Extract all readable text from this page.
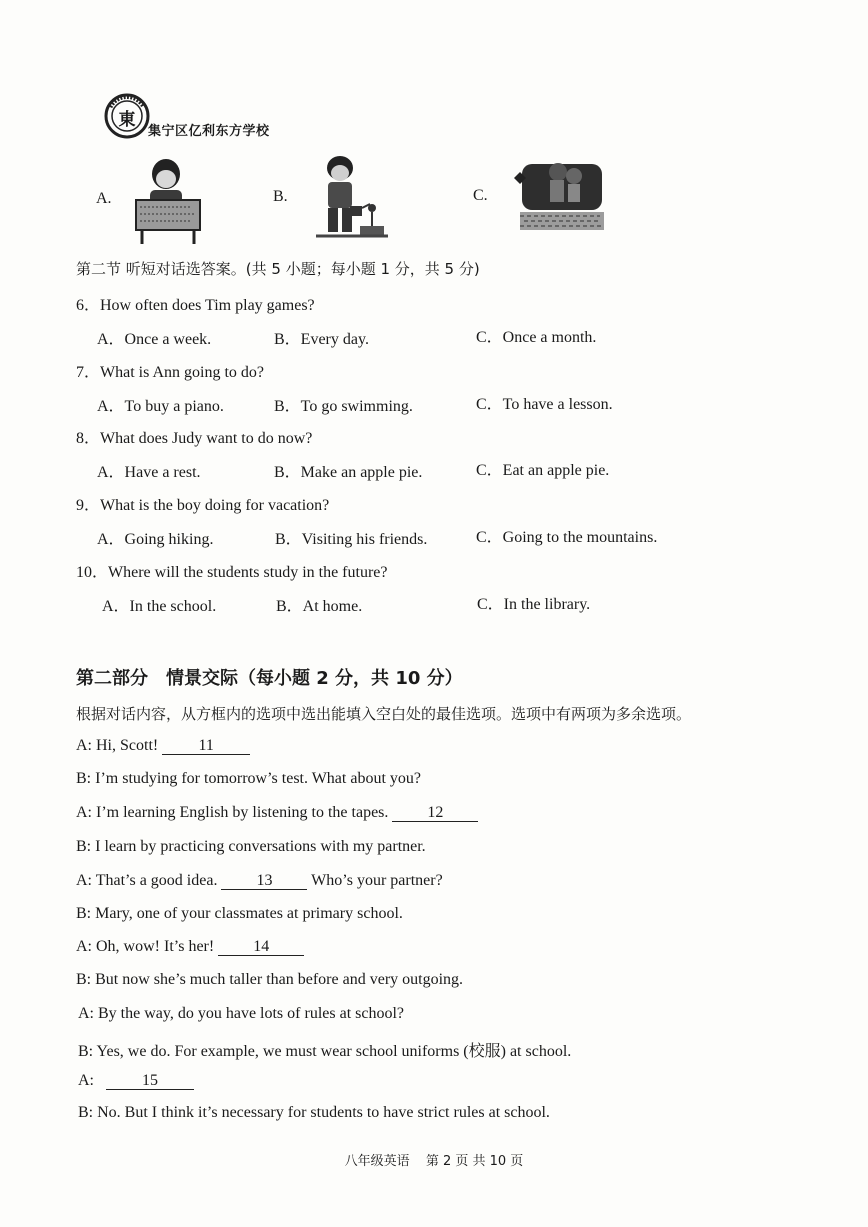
東
集宁区亿利东方学校
A.	B.	C.
第二节 听短对话选答案。(共 5 小题；每小题 1 分，共 5 分)
6．How often does Tim play games?
A．Once a week.	B．Every day.	C．Once a month.
7．What is Ann going to do?
A．To buy a piano.	B．To go swimming.	C．To have a lesson.
8．What does Judy want to do now?
A．Have a rest.	B．Make an apple pie.	C．Eat an apple pie.
9．What is the boy doing for vacation?
A．Going hiking.	B．Visiting his friends.	C．Going to the mountains.
10．Where will the students study in the future?
A．In the school.	B．At home.	C．In the library.
第二部分　情景交际（每小题 2 分，共 10 分）
根据对话内容，从方框内的选项中选出能填入空白处的最佳选项。选项中有两项为多余选项。
A: Hi, Scott! 11
B: I’m studying for tomorrow’s test. What about you?
A: I’m learning English by listening to the tapes. 12
B: I learn by practicing conversations with my partner.
A: That’s a good idea. 13 Who’s your partner?
B: Mary, one of your classmates at primary school.
A: Oh, wow! It’s her! 14
B: But now she’s much taller than before and very outgoing.
A: By the way, do you have lots of rules at school?
B: Yes, we do. For example, we must wear school uniforms (校服) at school.
A:	15
B: No. But I think it’s necessary for students to have strict rules at school.
八年级英语 第 2 页 共 10 页
